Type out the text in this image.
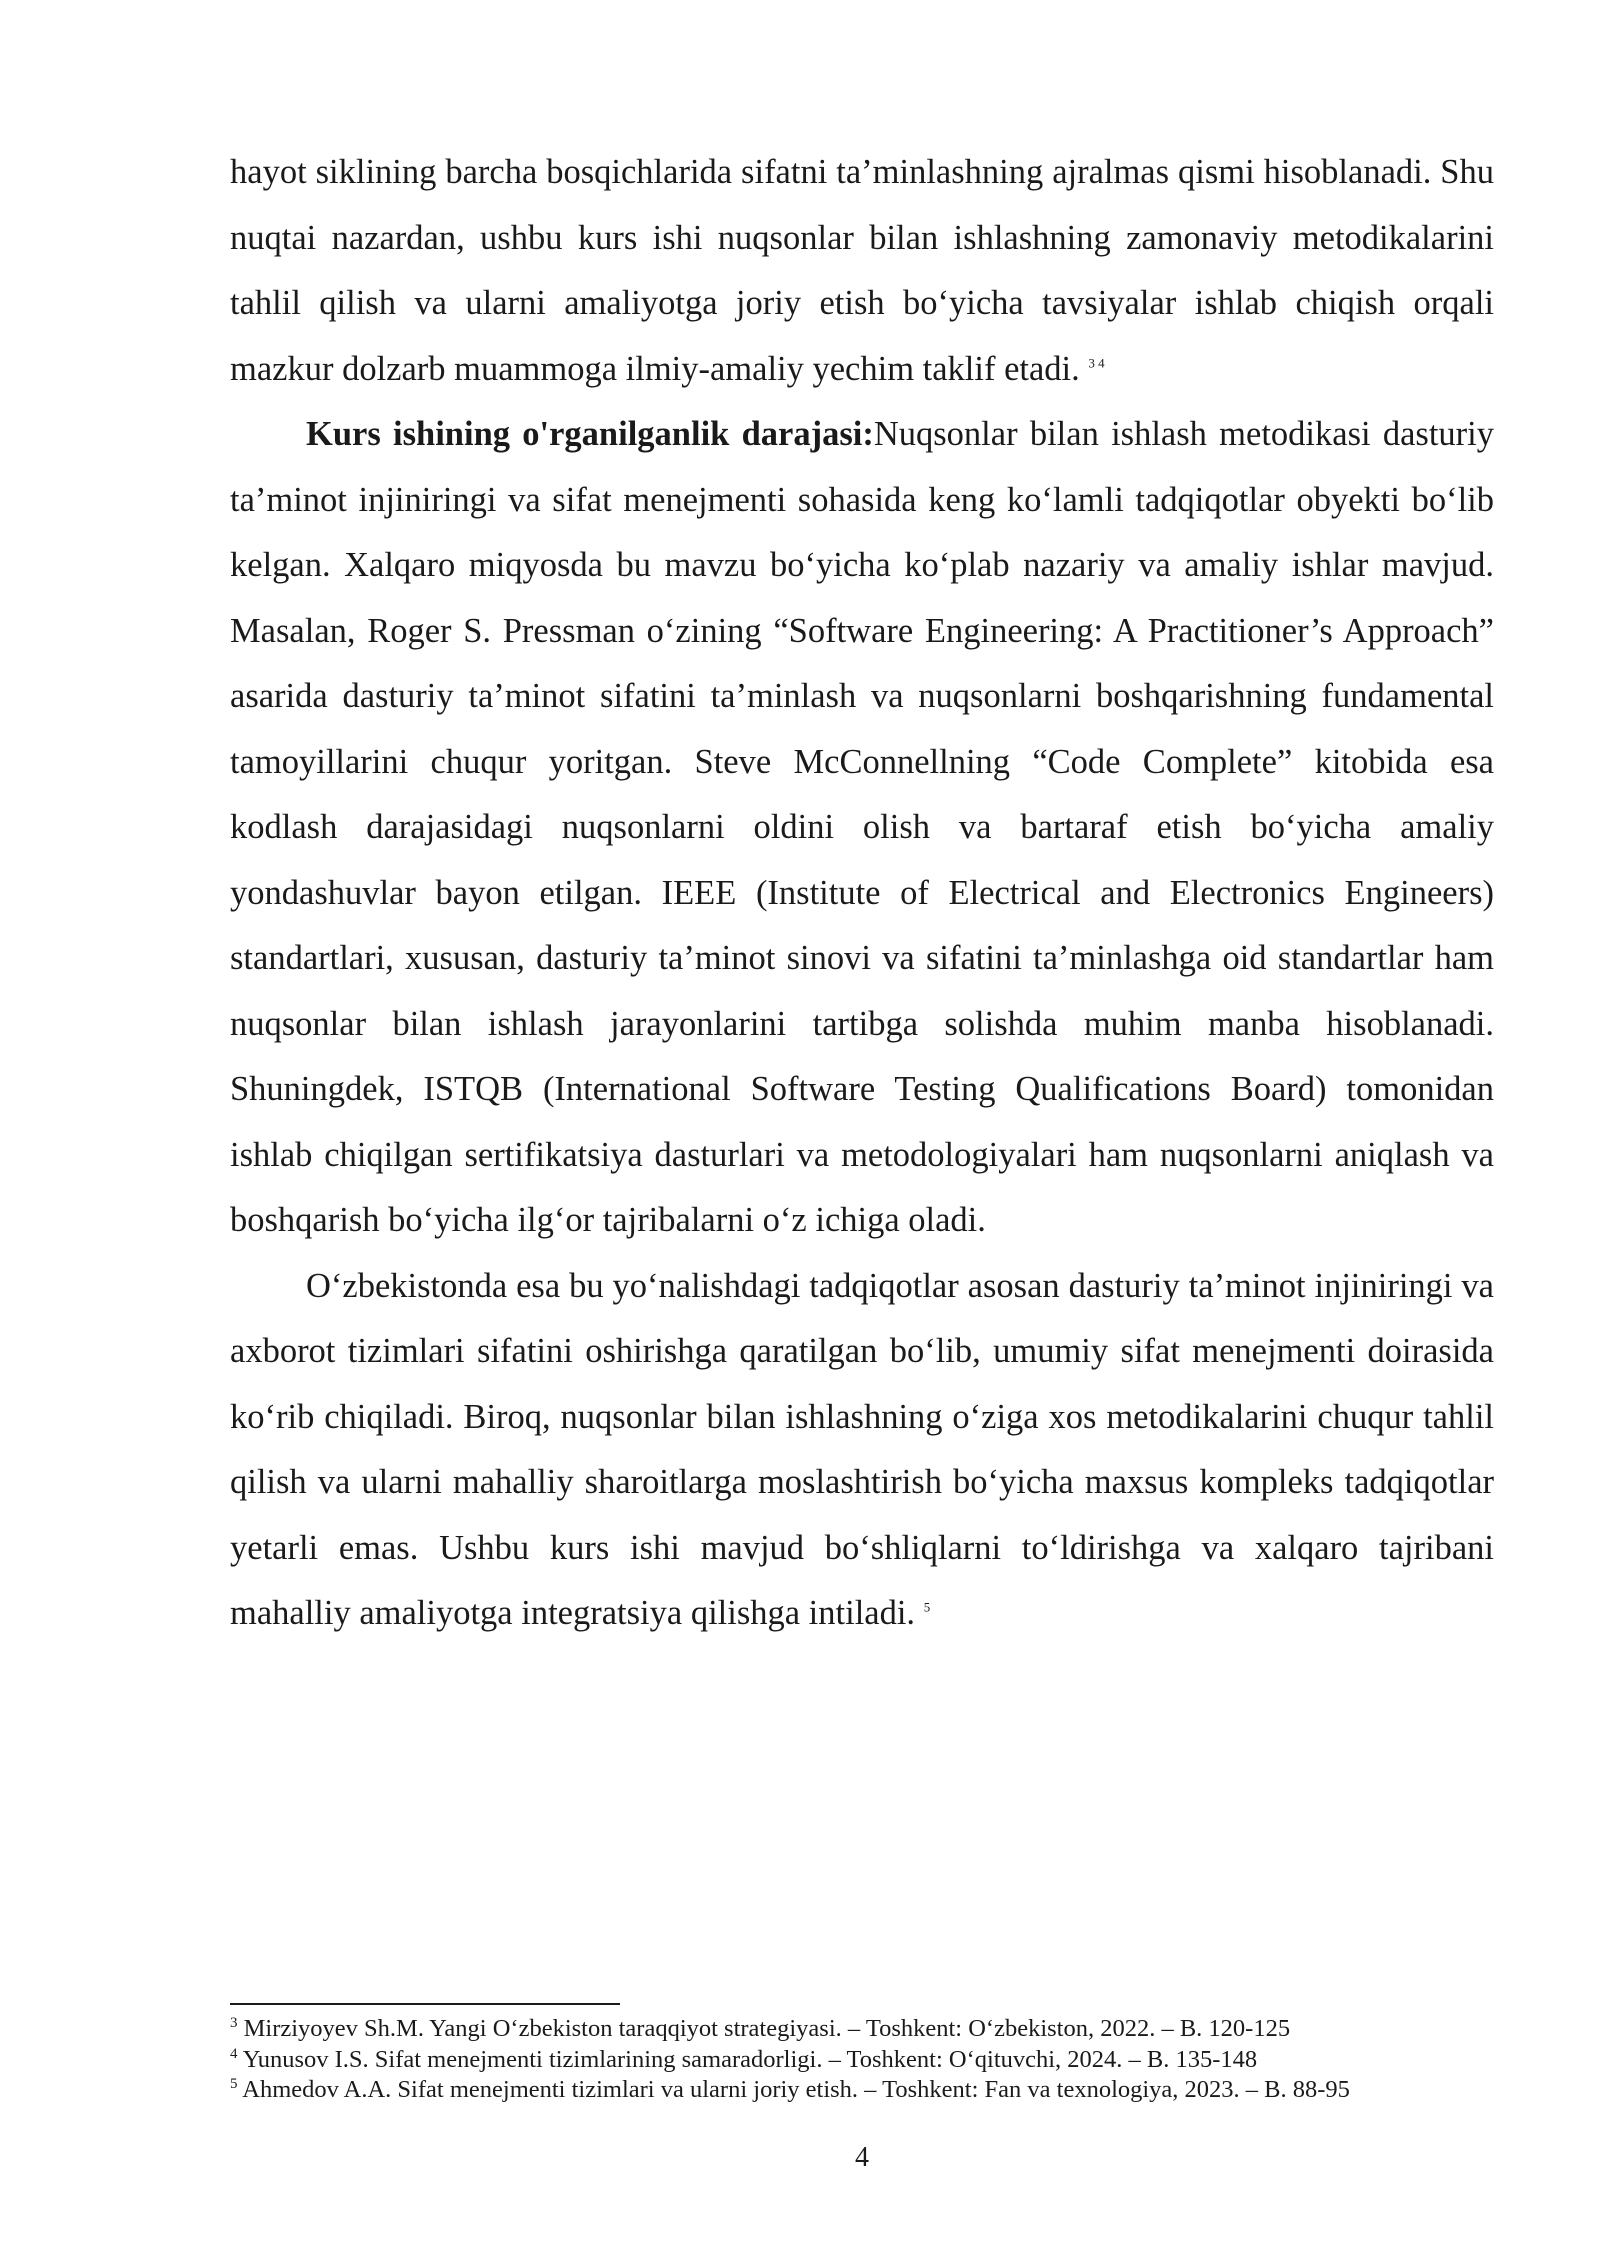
hayot siklining barcha bosqichlarida sifatni ta’minlashning ajralmas qismi hisoblanadi. Shu nuqtai nazardan, ushbu kurs ishi nuqsonlar bilan ishlashning zamonaviy metodikalarini tahlil qilish va ularni amaliyotga joriy etish bo‘yicha tavsiyalar ishlab chiqish orqali mazkur dolzarb muammoga ilmiy-amaliy yechim taklif etadi. $^{3 4}$

Kurs ishining o'rganilganlik darajasi:Nuqsonlar bilan ishlash metodikasi dasturiy ta’minot injiniringi va sifat menejmenti sohasida keng ko‘lamli tadqiqotlar obyekti bo‘lib kelgan. Xalqaro miqyosda bu mavzu bo‘yicha ko‘plab nazariy va amaliy ishlar mavjud. Masalan, Roger S. Pressman o‘zining “Software Engineering: A Practitioner’s Approach” asarida dasturiy ta’minot sifatini ta’minlash va nuqsonlarni boshqarishning fundamental tamoyillarini chuqur yoritgan. Steve McConnellning “Code Complete” kitobida esa kodlash darajasidagi nuqsonlarni oldini olish va bartaraf etish bo‘yicha amaliy yondashuvlar bayon etilgan. IEEE (Institute of Electrical and Electronics Engineers) standartlari, xususan, dasturiy ta’minot sinovi va sifatini ta’minlashga oid standartlar ham nuqsonlar bilan ishlash jarayonlarini tartibga solishda muhim manba hisoblanadi. Shuningdek, ISTQB (International Software Testing Qualifications Board) tomonidan ishlab chiqilgan sertifikatsiya dasturlari va metodologiyalari ham nuqsonlarni aniqlash va boshqarish bo‘yicha ilg‘or tajribalarni o‘z ichiga oladi.

O‘zbekistonda esa bu yo‘nalishdagi tadqiqotlar asosan dasturiy ta’minot injiniringi va axborot tizimlari sifatini oshirishga qaratilgan bo‘lib, umumiy sifat menejmenti doirasida ko‘rib chiqiladi. Biroq, nuqsonlar bilan ishlashning o‘ziga xos metodikalarini chuqur tahlil qilish va ularni mahalliy sharoitlarga moslashtirish bo‘yicha maxsus kompleks tadqiqotlar yetarli emas. Ushbu kurs ishi mavjud bo‘shliqlarni to‘ldirishga va xalqaro tajribani mahalliy amaliyotga integratsiya qilishga intiladi. $^5$

$^3$ Mirziyoyev Sh.M. Yangi O‘zbekiston taraqqiyot strategiyasi. – Toshkent: O‘zbekiston, 2022. – B. 120-125

$^4$ Yunusov I.S. Sifat menejmenti tizimlarining samaradorligi. – Toshkent: O‘qituvchi, 2024. – B. 135-148

$^5$ Ahmedov A.A. Sifat menejmenti tizimlari va ularni joriy etish. – Toshkent: Fan va texnologiya, 2023. – B. 88-95

4
